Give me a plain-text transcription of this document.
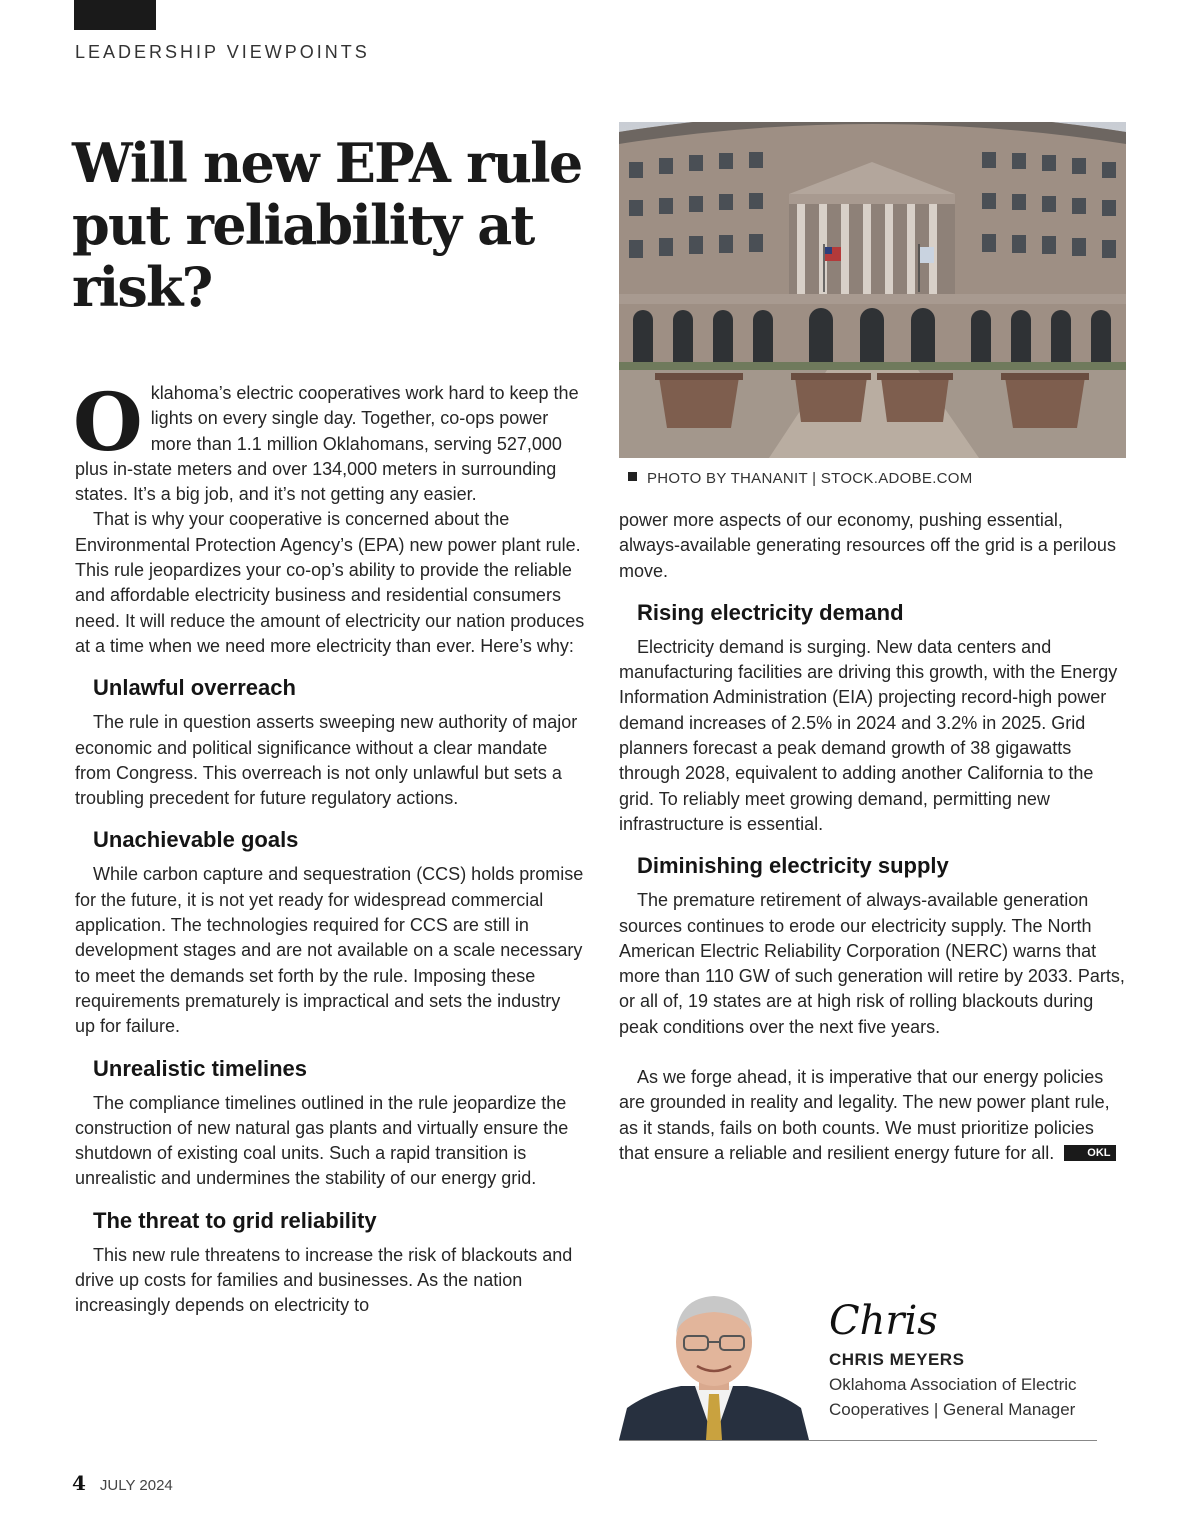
LEADERSHIP VIEWPOINTS
Will new EPA rule put reliability at risk?

Oklahoma’s electric cooperatives work hard to keep the lights on every single day. Together, co-ops power more than 1.1 million Oklahomans, serving 527,000 plus in-state meters and over 134,000 meters in surrounding states. It’s a big job, and it’s not getting any easier.

That is why your cooperative is concerned about the Environmental Protection Agency’s (EPA) new power plant rule. This rule jeopardizes your co-op’s ability to provide the reliable and affordable electricity business and residential consumers need. It will reduce the amount of electricity our nation produces at a time when we need more electricity than ever. Here’s why:

Unlawful overreach

The rule in question asserts sweeping new authority of major economic and political significance without a clear mandate from Congress. This overreach is not only unlawful but sets a troubling precedent for future regulatory actions.

Unachievable goals

While carbon capture and sequestration (CCS) holds promise for the future, it is not yet ready for widespread commercial application. The technologies required for CCS are still in development stages and are not available on a scale necessary to meet the demands set forth by the rule. Imposing these requirements prematurely is impractical and sets the industry up for failure.

Unrealistic timelines

The compliance timelines outlined in the rule jeopardize the construction of new natural gas plants and virtually ensure the shutdown of existing coal units. Such a rapid transition is unrealistic and undermines the stability of our energy grid.

The threat to grid reliability

This new rule threatens to increase the risk of blackouts and drive up costs for families and businesses. As the nation increasingly depends on electricity to

PHOTO BY THANANIT | STOCK.ADOBE.COM

power more aspects of our economy, pushing essential, always-available generating resources off the grid is a perilous move.

Rising electricity demand

Electricity demand is surging. New data centers and manufacturing facilities are driving this growth, with the Energy Information Administration (EIA) projecting record-high power demand increases of 2.5% in 2024 and 3.2% in 2025. Grid planners forecast a peak demand growth of 38 gigawatts through 2028, equivalent to adding another California to the grid. To reliably meet growing demand, permitting new infrastructure is essential.

Diminishing electricity supply

The premature retirement of always-available generation sources continues to erode our electricity supply. The North American Electric Reliability Corporation (NERC) warns that more than 110 GW of such generation will retire by 2033. Parts, or all of, 19 states are at high risk of rolling blackouts during peak conditions over the next five years.

As we forge ahead, it is imperative that our energy policies are grounded in reality and legality. The new power plant rule, as it stands, fails on both counts. We must prioritize policies that ensure a reliable and resilient energy future for all.	OKL

Chris
CHRIS MEYERS
Oklahoma Association of Electric
Cooperatives | General Manager
4 JULY 2024
